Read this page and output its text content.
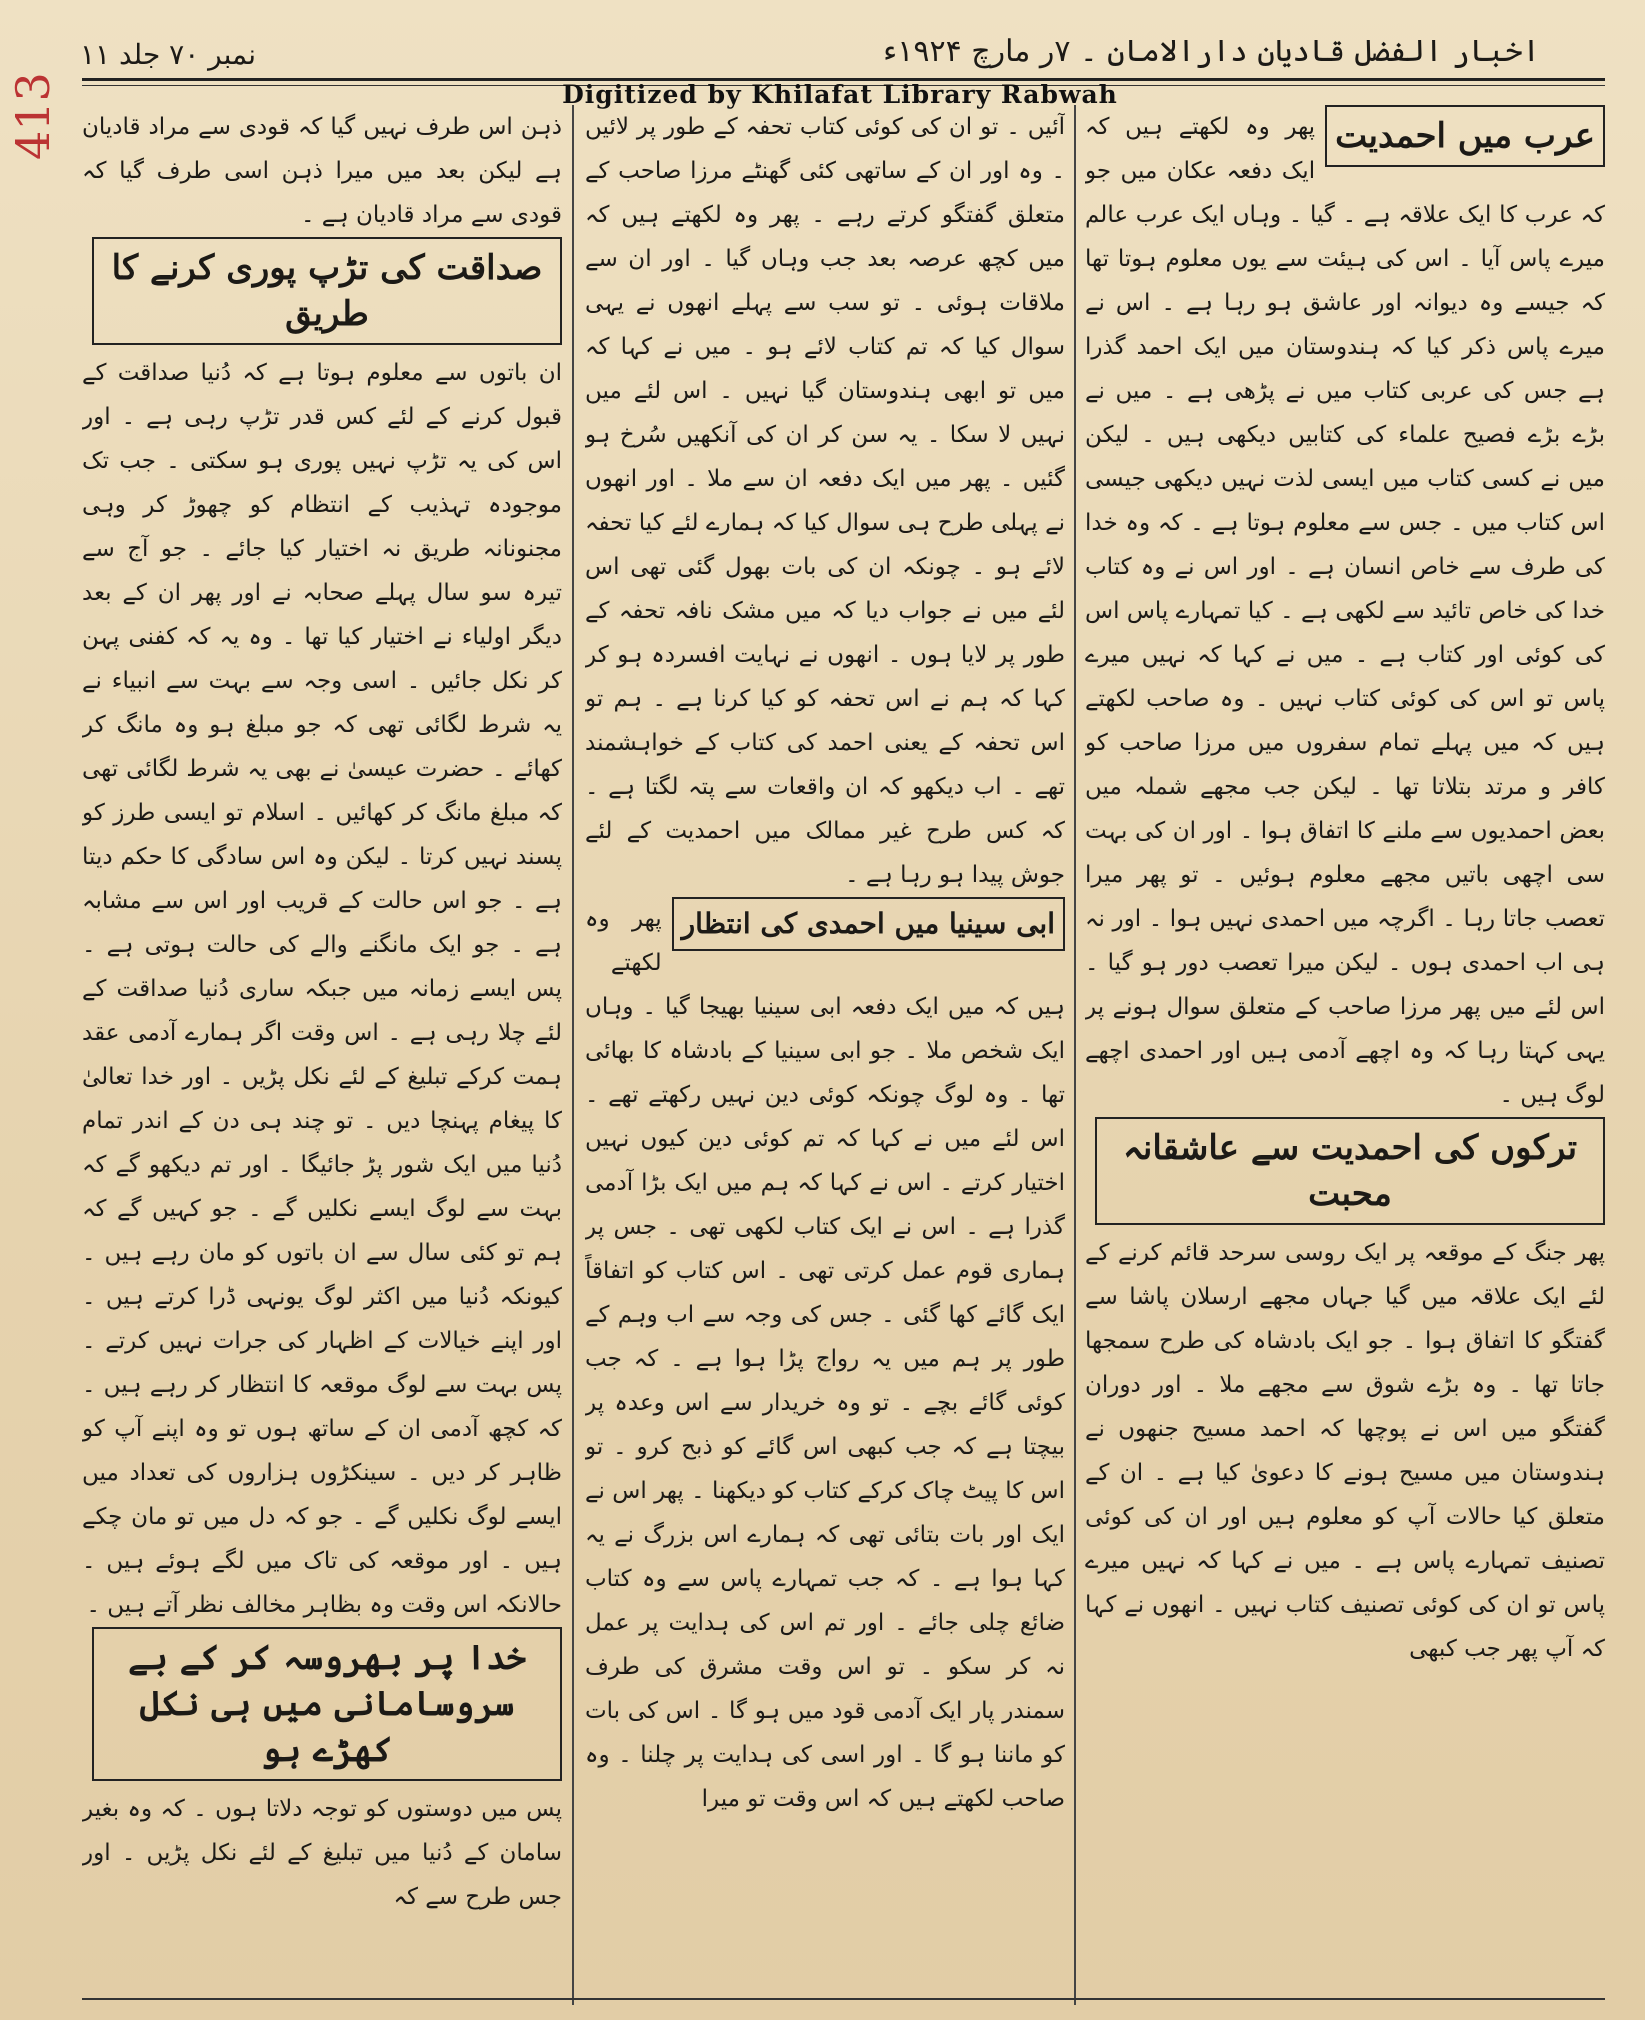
اخبار الفضل قادیان دارالامان ۔ ۷ر مارچ ۱۹۲۴ء
نمبر ۷۰ جلد ۱۱
Digitized by Khilafat Library Rabwah
413	عرب میں احمدیت

پھر وہ لکھتے ہیں کہ ایک دفعہ عکان میں جو کہ عرب کا ایک علاقہ ہے ۔ گیا ۔ وہاں ایک عرب عالم میرے پاس آیا ۔ اس کی ہیئت سے یوں معلوم ہوتا تھا کہ جیسے وہ دیوانہ اور عاشق ہو رہا ہے ۔ اس نے میرے پاس ذکر کیا کہ ہندوستان میں ایک احمد گذرا ہے جس کی عربی کتاب میں نے پڑھی ہے ۔ میں نے بڑے بڑے فصیح علماء کی کتابیں دیکھی ہیں ۔ لیکن میں نے کسی کتاب میں ایسی لذت نہیں دیکھی جیسی اس کتاب میں ۔ جس سے معلوم ہوتا ہے ۔ کہ وہ خدا کی طرف سے خاص انسان ہے ۔ اور اس نے وہ کتاب خدا کی خاص تائید سے لکھی ہے ۔ کیا تمہارے پاس اس کی کوئی اور کتاب ہے ۔ میں نے کہا کہ نہیں میرے پاس تو اس کی کوئی کتاب نہیں ۔ وہ صاحب لکھتے ہیں کہ میں پہلے تمام سفروں میں مرزا صاحب کو کافر و مرتد بتلاتا تھا ۔ لیکن جب مجھے شملہ میں بعض احمدیوں سے ملنے کا اتفاق ہوا ۔ اور ان کی بہت سی اچھی باتیں مجھے معلوم ہوئیں ۔ تو پھر میرا تعصب جاتا رہا ۔ اگرچہ میں احمدی نہیں ہوا ۔ اور نہ ہی اب احمدی ہوں ۔ لیکن میرا تعصب دور ہو گیا ۔ اس لئے میں پھر مرزا صاحب کے متعلق سوال ہونے پر یہی کہتا رہا کہ وہ اچھے آدمی ہیں اور احمدی اچھے لوگ ہیں ۔

ترکوں کی احمدیت سے عاشقانہ محبت

پھر جنگ کے موقعہ پر ایک روسی سرحد قائم کرنے کے لئے ایک علاقہ میں گیا جہاں مجھے ارسلان پاشا سے گفتگو کا اتفاق ہوا ۔ جو ایک بادشاہ کی طرح سمجھا جاتا تھا ۔ وہ بڑے شوق سے مجھے ملا ۔ اور دوران گفتگو میں اس نے پوچھا کہ احمد مسیح جنھوں نے ہندوستان میں مسیح ہونے کا دعویٰ کیا ہے ۔ ان کے متعلق کیا حالات آپ کو معلوم ہیں اور ان کی کوئی تصنیف تمہارے پاس ہے ۔ میں نے کہا کہ نہیں میرے پاس تو ان کی کوئی تصنیف کتاب نہیں ۔ انھوں نے کہا کہ آپ پھر جب کبھی

آئیں ۔ تو ان کی کوئی کتاب تحفہ کے طور پر لائیں ۔ وہ اور ان کے ساتھی کئی گھنٹے مرزا صاحب کے متعلق گفتگو کرتے رہے ۔ پھر وہ لکھتے ہیں کہ میں کچھ عرصہ بعد جب وہاں گیا ۔ اور ان سے ملاقات ہوئی ۔ تو سب سے پہلے انھوں نے یہی سوال کیا کہ تم کتاب لائے ہو ۔ میں نے کہا کہ میں تو ابھی ہندوستان گیا نہیں ۔ اس لئے میں نہیں لا سکا ۔ یہ سن کر ان کی آنکھیں سُرخ ہو گئیں ۔ پھر میں ایک دفعہ ان سے ملا ۔ اور انھوں نے پہلی طرح ہی سوال کیا کہ ہمارے لئے کیا تحفہ لائے ہو ۔ چونکہ ان کی بات بھول گئی تھی اس لئے میں نے جواب دیا کہ میں مشک نافہ تحفہ کے طور پر لایا ہوں ۔ انھوں نے نہایت افسردہ ہو کر کہا کہ ہم نے اس تحفہ کو کیا کرنا ہے ۔ ہم تو اس تحفہ کے یعنی احمد کی کتاب کے خواہشمند تھے ۔ اب دیکھو کہ ان واقعات سے پتہ لگتا ہے ۔ کہ کس طرح غیر ممالک میں احمدیت کے لئے جوش پیدا ہو رہا ہے ۔

ابی سینیا میں احمدی کی انتظار

پھر وہ لکھتے ہیں کہ میں ایک دفعہ ابی سینیا بھیجا گیا ۔ وہاں ایک شخص ملا ۔ جو ابی سینیا کے بادشاہ کا بھائی تھا ۔ وہ لوگ چونکہ کوئی دین نہیں رکھتے تھے ۔ اس لئے میں نے کہا کہ تم کوئی دین کیوں نہیں اختیار کرتے ۔ اس نے کہا کہ ہم میں ایک بڑا آدمی گذرا ہے ۔ اس نے ایک کتاب لکھی تھی ۔ جس پر ہماری قوم عمل کرتی تھی ۔ اس کتاب کو اتفاقاً ایک گائے کھا گئی ۔ جس کی وجہ سے اب وہم کے طور پر ہم میں یہ رواج پڑا ہوا ہے ۔ کہ جب کوئی گائے بچے ۔ تو وہ خریدار سے اس وعدہ پر بیچتا ہے کہ جب کبھی اس گائے کو ذبح کرو ۔ تو اس کا پیٹ چاک کرکے کتاب کو دیکھنا ۔ پھر اس نے ایک اور بات بتائی تھی کہ ہمارے اس بزرگ نے یہ کہا ہوا ہے ۔ کہ جب تمہارے پاس سے وہ کتاب ضائع چلی جائے ۔ اور تم اس کی ہدایت پر عمل نہ کر سکو ۔ تو اس وقت مشرق کی طرف سمندر پار ایک آدمی قود میں ہو گا ۔ اس کی بات کو ماننا ہو گا ۔ اور اسی کی ہدایت پر چلنا ۔ وہ صاحب لکھتے ہیں کہ اس وقت تو میرا

ذہن اس طرف نہیں گیا کہ قودی سے مراد قادیان ہے لیکن بعد میں میرا ذہن اسی طرف گیا کہ قودی سے مراد قادیان ہے ۔

صداقت کی تڑپ پوری کرنے کا طریق

ان باتوں سے معلوم ہوتا ہے کہ دُنیا صداقت کے قبول کرنے کے لئے کس قدر تڑپ رہی ہے ۔ اور اس کی یہ تڑپ نہیں پوری ہو سکتی ۔ جب تک موجودہ تہذیب کے انتظام کو چھوڑ کر وہی مجنونانہ طریق نہ اختیار کیا جائے ۔ جو آج سے تیرہ سو سال پہلے صحابہ نے اور پھر ان کے بعد دیگر اولیاء نے اختیار کیا تھا ۔ وہ یہ کہ کفنی پہن کر نکل جائیں ۔ اسی وجہ سے بہت سے انبیاء نے یہ شرط لگائی تھی کہ جو مبلغ ہو وہ مانگ کر کھائے ۔ حضرت عیسیٰ نے بھی یہ شرط لگائی تھی کہ مبلغ مانگ کر کھائیں ۔ اسلام تو ایسی طرز کو پسند نہیں کرتا ۔ لیکن وہ اس سادگی کا حکم دیتا ہے ۔ جو اس حالت کے قریب اور اس سے مشابہ ہے ۔ جو ایک مانگنے والے کی حالت ہوتی ہے ۔ پس ایسے زمانہ میں جبکہ ساری دُنیا صداقت کے لئے چلا رہی ہے ۔ اس وقت اگر ہمارے آدمی عقد ہمت کرکے تبلیغ کے لئے نکل پڑیں ۔ اور خدا تعالیٰ کا پیغام پہنچا دیں ۔ تو چند ہی دن کے اندر تمام دُنیا میں ایک شور پڑ جائیگا ۔ اور تم دیکھو گے کہ بہت سے لوگ ایسے نکلیں گے ۔ جو کہیں گے کہ ہم تو کئی سال سے ان باتوں کو مان رہے ہیں ۔ کیونکہ دُنیا میں اکثر لوگ یونہی ڈرا کرتے ہیں ۔ اور اپنے خیالات کے اظہار کی جرات نہیں کرتے ۔ پس بہت سے لوگ موقعہ کا انتظار کر رہے ہیں ۔ کہ کچھ آدمی ان کے ساتھ ہوں تو وہ اپنے آپ کو ظاہر کر دیں ۔ سینکڑوں ہزاروں کی تعداد میں ایسے لوگ نکلیں گے ۔ جو کہ دل میں تو مان چکے ہیں ۔ اور موقعہ کی تاک میں لگے ہوئے ہیں ۔ حالانکہ اس وقت وہ بظاہر مخالف نظر آتے ہیں ۔

خدا پر بھروسہ کر کے بے سروسامانی میں ہی نکل کھڑے ہو

پس میں دوستوں کو توجہ دلاتا ہوں ۔ کہ وہ بغیر سامان کے دُنیا میں تبلیغ کے لئے نکل پڑیں ۔ اور جس طرح سے کہ
